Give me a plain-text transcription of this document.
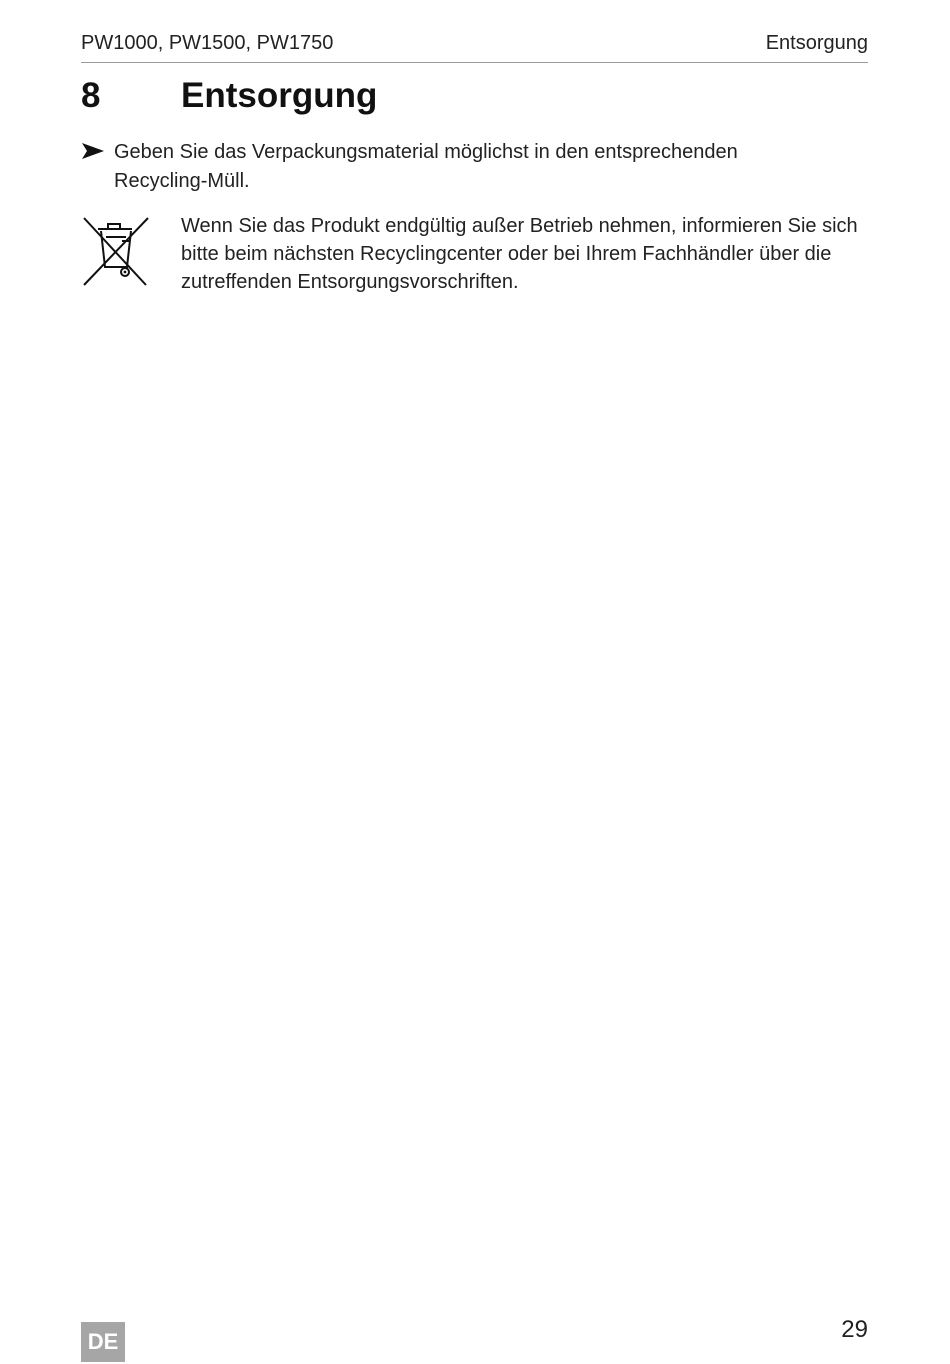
PW1000, PW1500, PW1750	Entsorgung
8 Entsorgung
Geben Sie das Verpackungsmaterial möglichst in den entsprechenden Recycling-Müll.
Wenn Sie das Produkt endgültig außer Betrieb nehmen, informieren Sie sich bitte beim nächsten Recyclingcenter oder bei Ihrem Fachhändler über die zutreffenden Entsorgungsvorschriften.
DE	29
